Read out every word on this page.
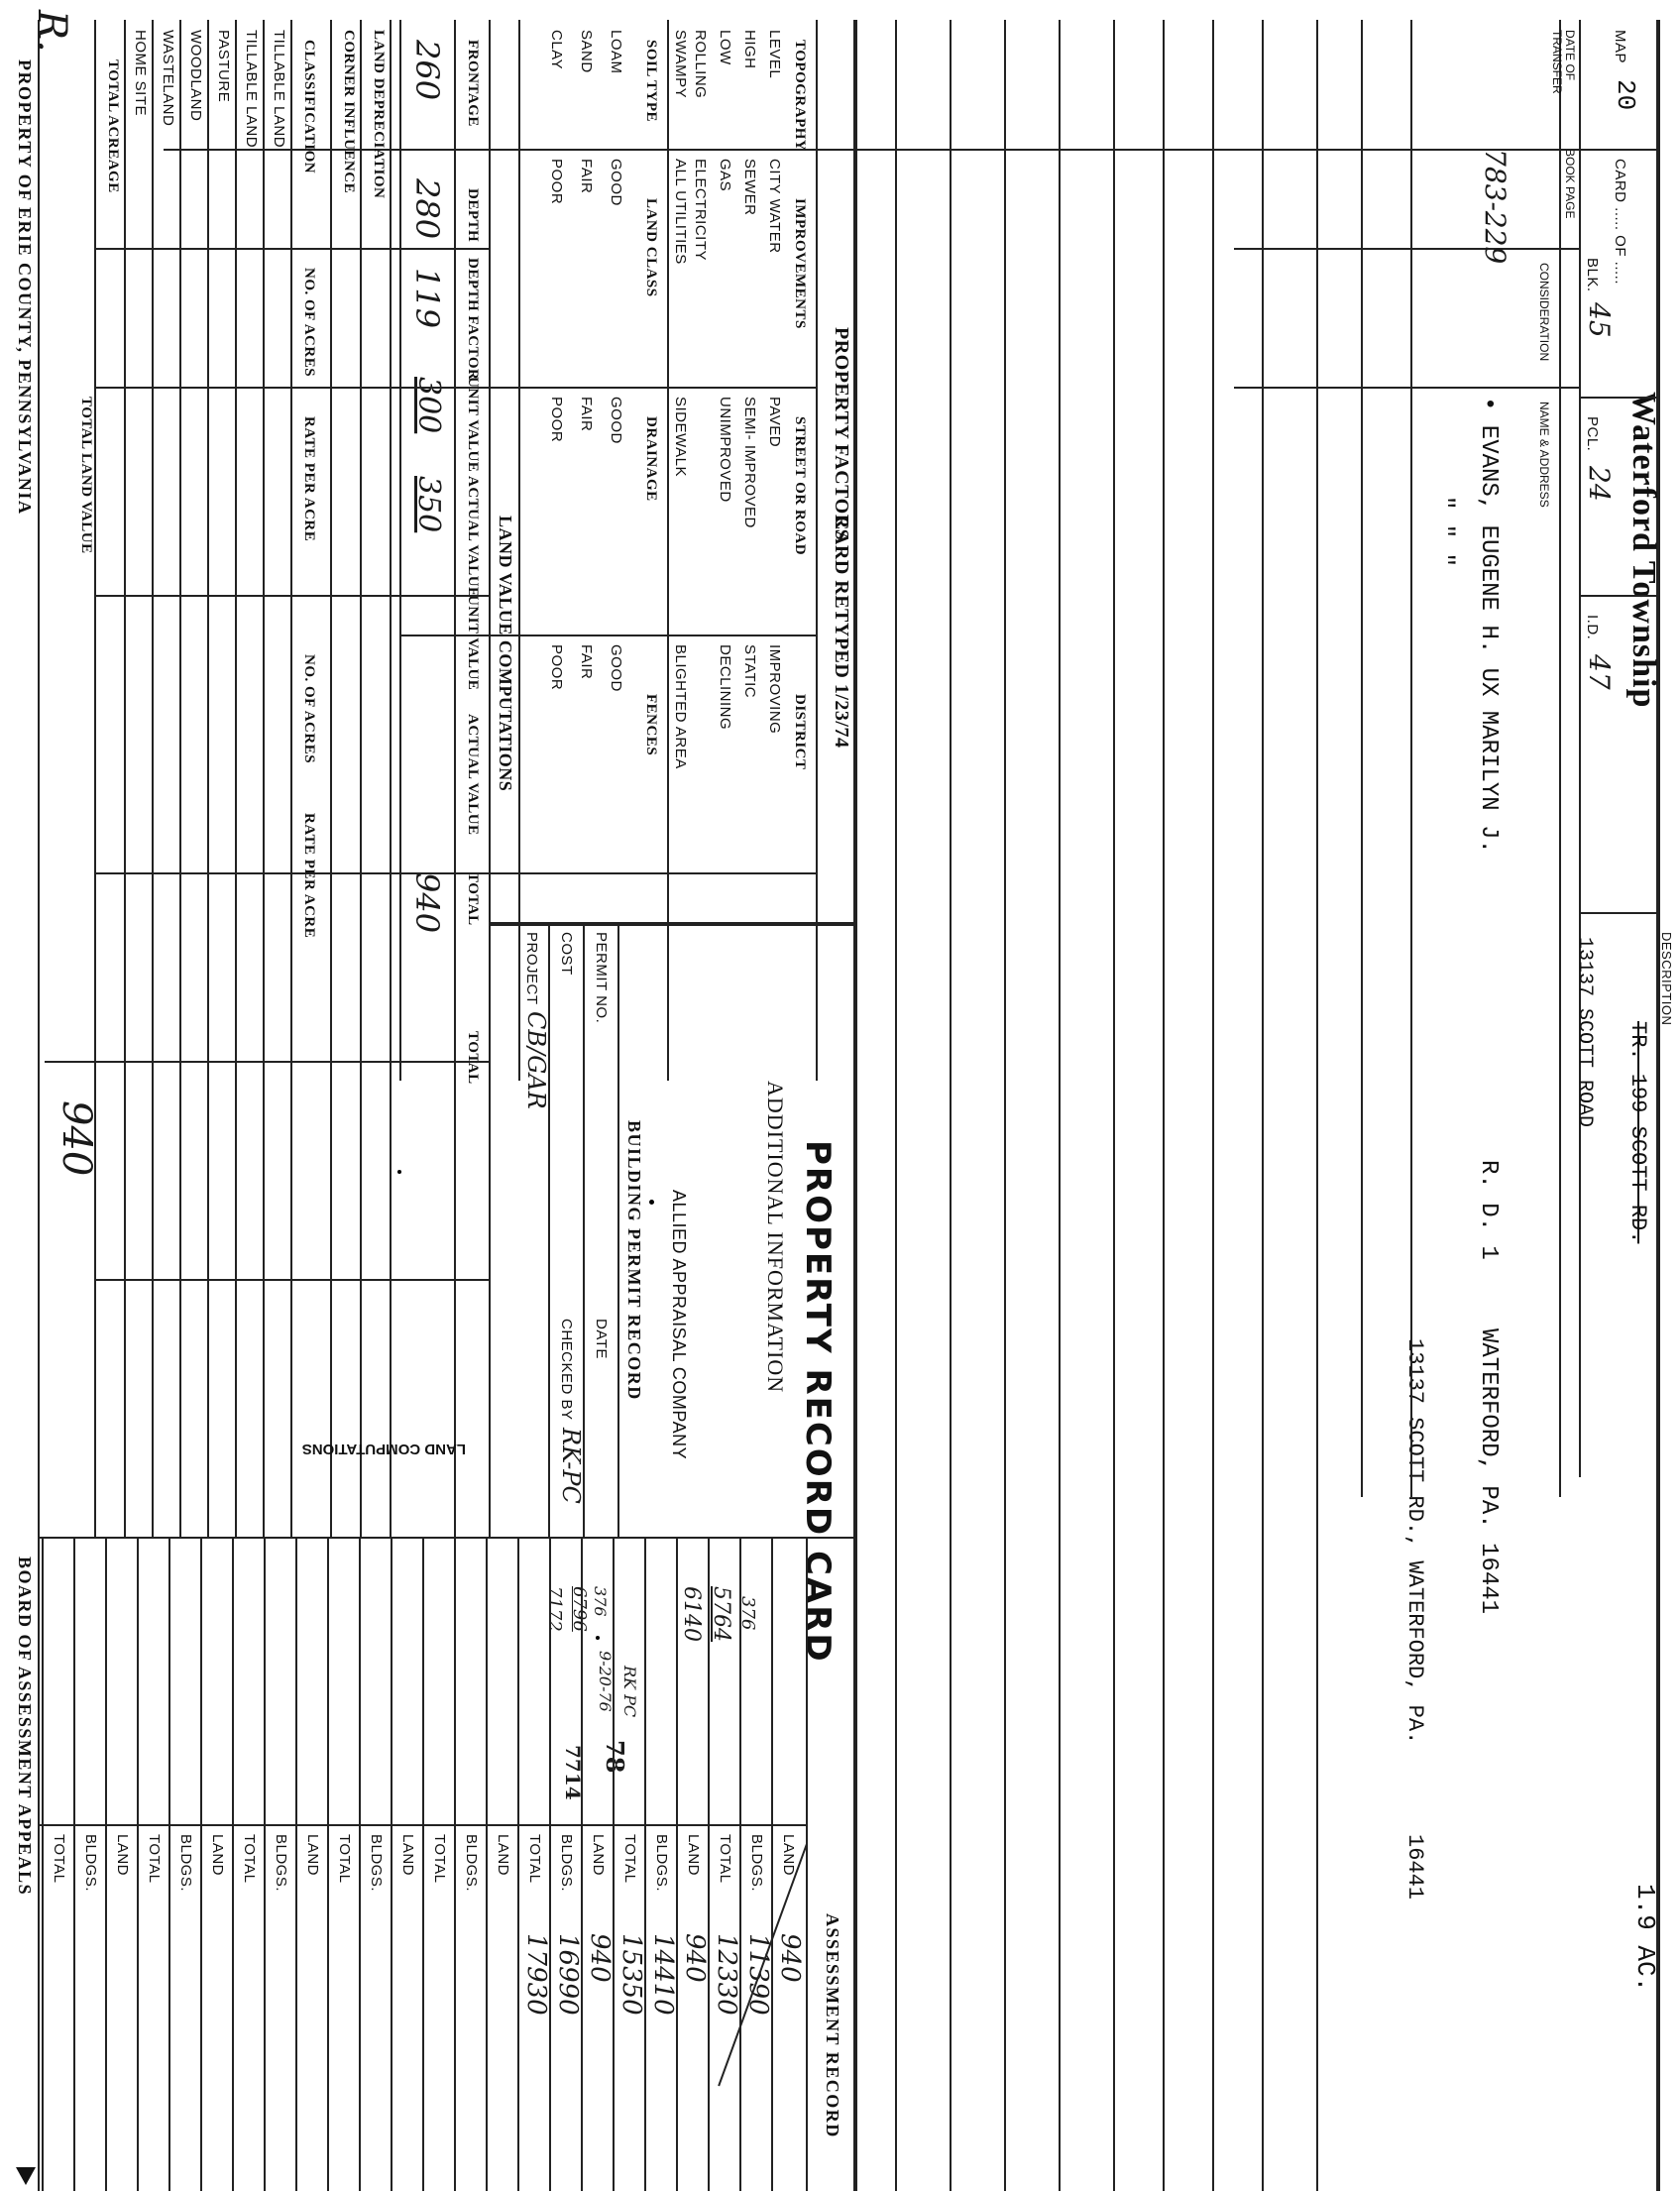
MAP
20
CARD ..... OF .....
BLK.
45
PCL.
24
I.D.
47 Waterford Township
1.9 AC.
R.
DESCRIPTION
TR. 199 SCOTT RD.
13137 SCOTT ROAD
DATE OF TRANSFER
BOOK PAGE
CONSIDERATION
NAME & ADDRESS
783-229
• EVANS, EUGENE H. UX MARILYN J.
R. D. 1
WATERFORD, PA. 16441
" " "
13137 SCOTT RD., WATERFORD, PA.
16441
PROPERTY FACTORS
CARD RETYPED 1/23/74
TOPOGRAPHY
IMPROVEMENTS
STREET OR ROAD
DISTRICT
LEVEL
HIGH
LOW
ROLLING
SWAMPY
CITY WATER
SEWER
GAS
ELECTRICITY
ALL UTILITIES
PAVED
SEMI- IMPROVED
UNIMPROVED
SIDEWALK
IMPROVING
STATIC
DECLINING
BLIGHTED AREA
SOIL TYPE
LAND CLASS
DRAINAGE
FENCES
LOAM
SAND
CLAY
GOOD
FAIR
POOR
GOOD
FAIR
POOR
GOOD
FAIR
POOR
LAND VALUE COMPUTATIONS
FRONTAGE
DEPTH
DEPTH FACTOR
UNIT VALUE
ACTUAL VALUE
UNIT VALUE
ACTUAL VALUE
TOTAL
TOTAL
260
280
119
300
350
940
LAND DEPRECIATION
CORNER INFLUENCE
CLASSIFICATION
NO. OF ACRES
RATE PER ACRE
NO. OF ACRES
RATE PER ACRE
TILLABLE LAND
TILLABLE LAND
PASTURE
WOODLAND
WASTELAND
HOME SITE
TOTAL ACREAGE
TOTAL LAND VALUE
940
PROPERTY RECORD CARD
ADDITIONAL INFORMATION
ALLIED APPRAISAL COMPANY
BUILDING PERMIT RECORD
PERMIT NO.
DATE
COST
CHECKED BY
RK-PC
PROJECT
CB/GAR
376
5764
6140
376
6796
7172
LAND COMPUTATIONS
RK PC
9-20-76
78
7714
ASSESSMENT RECORD
LAND
940
BLDGS.
11390
TOTAL
12330
LAND
940
BLDGS.
14410
TOTAL
15350
LAND
940
BLDGS.
16990
TOTAL
17930
LAND
BLDGS.
TOTAL
LAND
BLDGS.
TOTAL
LAND
BLDGS.
TOTAL
LAND
BLDGS.
TOTAL
LAND
BLDGS.
TOTAL
PROPERTY OF ERIE COUNTY, PENNSYLVANIA
BOARD OF ASSESSMENT APPEALS
